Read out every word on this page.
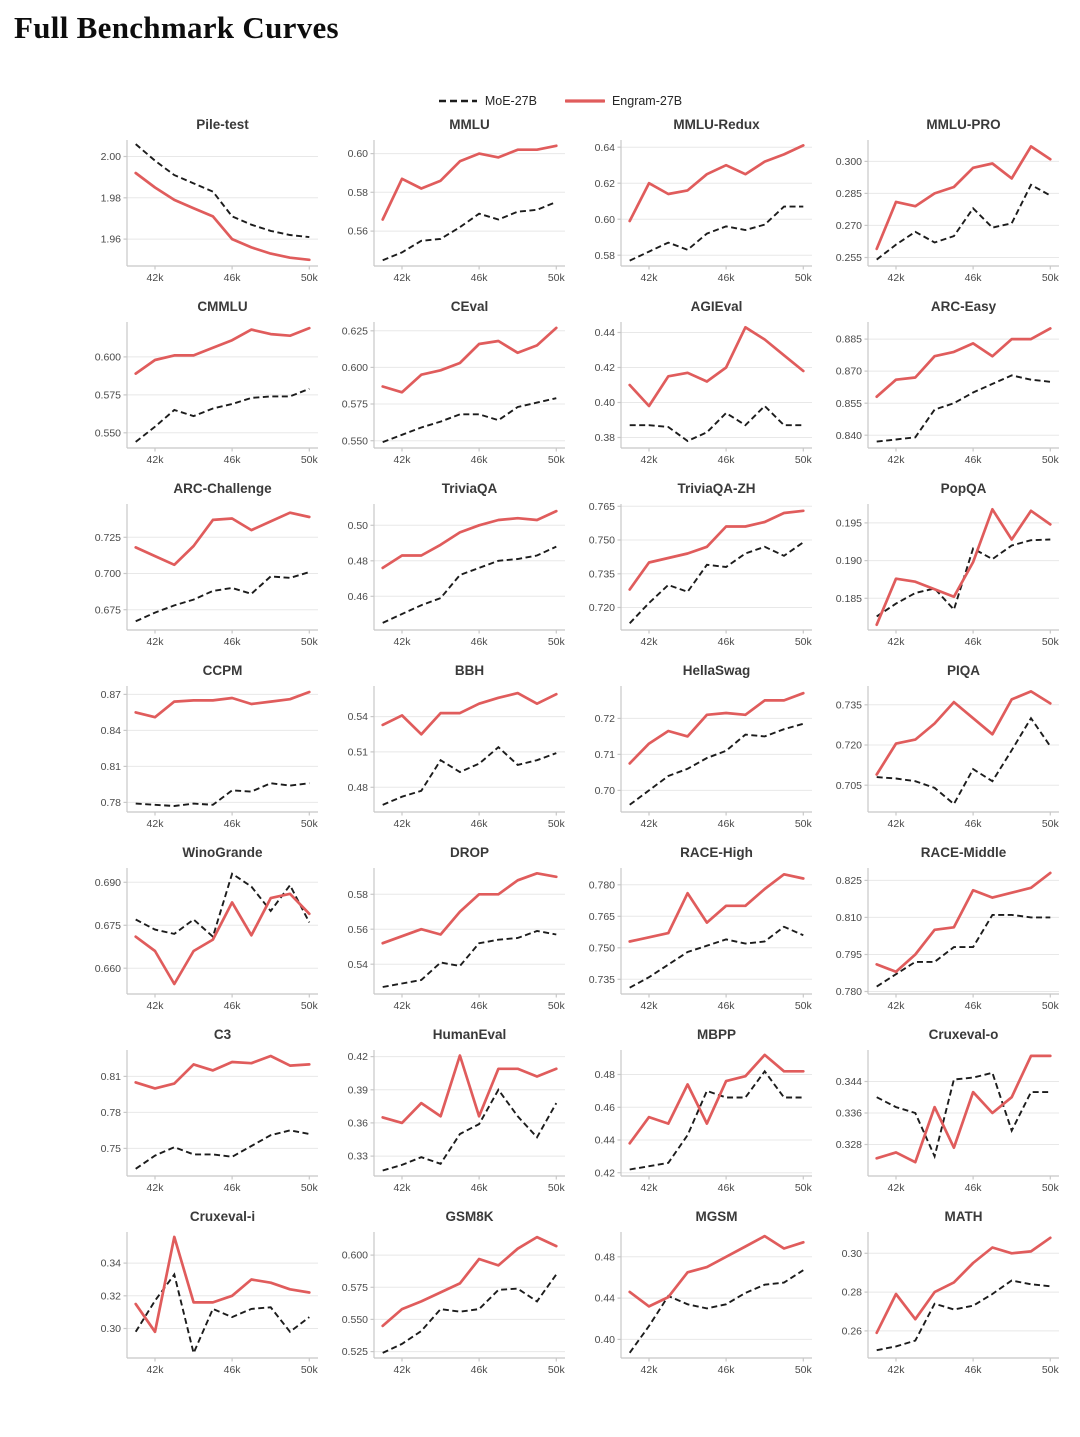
Full Benchmark Curves
MoE-27B	Engram-27B
Pile-test
1.96
1.98
2.00
42k	46k	50k
MMLU
0.56
0.58
0.60
42k	46k	50k
MMLU-Redux
0.58
0.60
0.62
0.64
42k	46k	50k
MMLU-PRO
0.255
0.270
0.285
0.300
42k	46k	50k
CMMLU
0.550
0.575
0.600
42k	46k	50k
CEval
0.550
0.575
0.600
0.625
42k	46k	50k
AGIEval
0.38
0.40
0.42
0.44
42k	46k	50k
ARC-Easy
0.840
0.855
0.870
0.885
42k	46k	50k
ARC-Challenge
0.675
0.700
0.725
42k	46k	50k
TriviaQA
0.46
0.48
0.50
42k	46k	50k
TriviaQA-ZH
0.720
0.735
0.750
0.765
42k	46k	50k
PopQA
0.185
0.190
0.195
42k	46k	50k
CCPM
0.78
0.81
0.84
0.87
42k	46k	50k
BBH
0.48
0.51
0.54
42k	46k	50k
HellaSwag
0.70
0.71
0.72
42k	46k	50k
PIQA
0.705
0.720
0.735
42k	46k	50k
WinoGrande
0.660
0.675
0.690
42k	46k	50k
DROP
0.54
0.56
0.58
42k	46k	50k
RACE-High
0.735
0.750
0.765
0.780
42k	46k	50k
RACE-Middle
0.780
0.795
0.810
0.825
42k	46k	50k
C3
0.75
0.78
0.81
42k	46k	50k
HumanEval
0.33
0.36
0.39
0.42
42k	46k	50k
MBPP
0.42
0.44
0.46
0.48
42k	46k	50k
Cruxeval-o
0.328
0.336
0.344
42k	46k	50k
Cruxeval-i
0.30
0.32
0.34
42k	46k	50k
GSM8K
0.525
0.550
0.575
0.600
42k	46k	50k
MGSM
0.40
0.44
0.48
42k	46k	50k
MATH
0.26
0.28
0.30
42k	46k	50k
